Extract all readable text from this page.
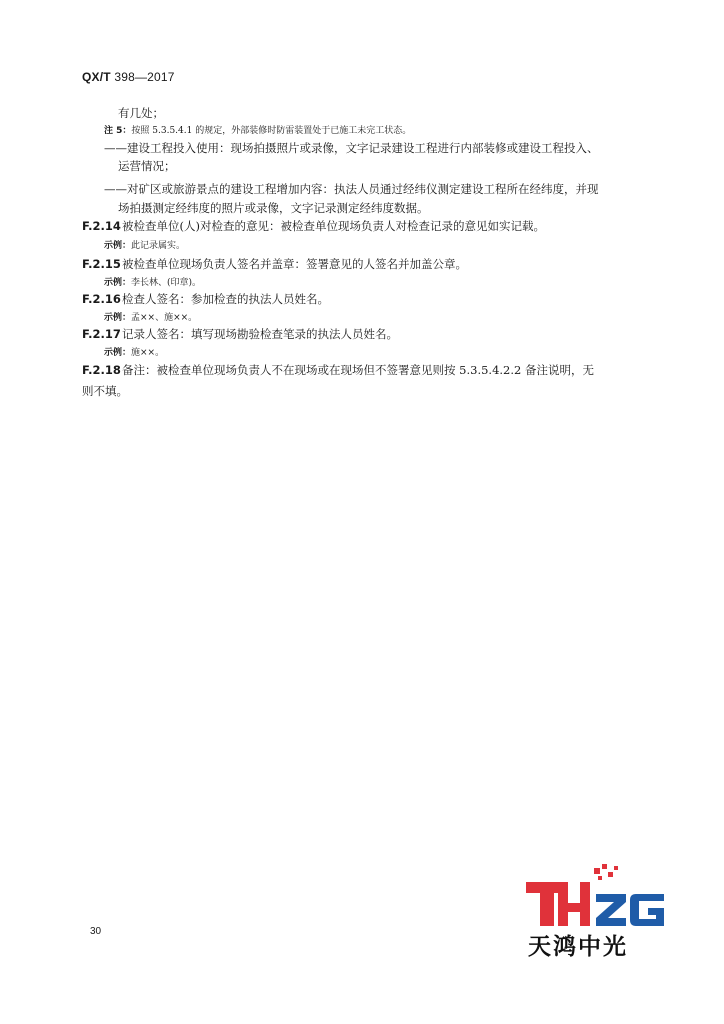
QX/T 398—2017
有几处；
注 5：按照 5.3.5.4.1 的规定，外部装修时防雷装置处于已施工未完工状态。
——建设工程投入使用：现场拍摄照片或录像，文字记录建设工程进行内部装修或建设工程投入、
运营情况；
——对矿区或旅游景点的建设工程增加内容：执法人员通过经纬仪测定建设工程所在经纬度，并现
场拍摄测定经纬度的照片或录像，文字记录测定经纬度数据。
F.2.14被检查单位(人)对检查的意见：被检查单位现场负责人对检查记录的意见如实记载。
示例：此记录属实。
F.2.15被检查单位现场负责人签名并盖章：签署意见的人签名并加盖公章。
示例：李长林、(印章)。
F.2.16检查人签名：参加检查的执法人员姓名。
示例：孟××、施××。
F.2.17记录人签名：填写现场勘验检查笔录的执法人员姓名。
示例：施××。
F.2.18备注：被检查单位现场负责人不在现场或在现场但不签署意见则按 5.3.5.4.2.2 备注说明，无
则不填。
30
天鸿中光
